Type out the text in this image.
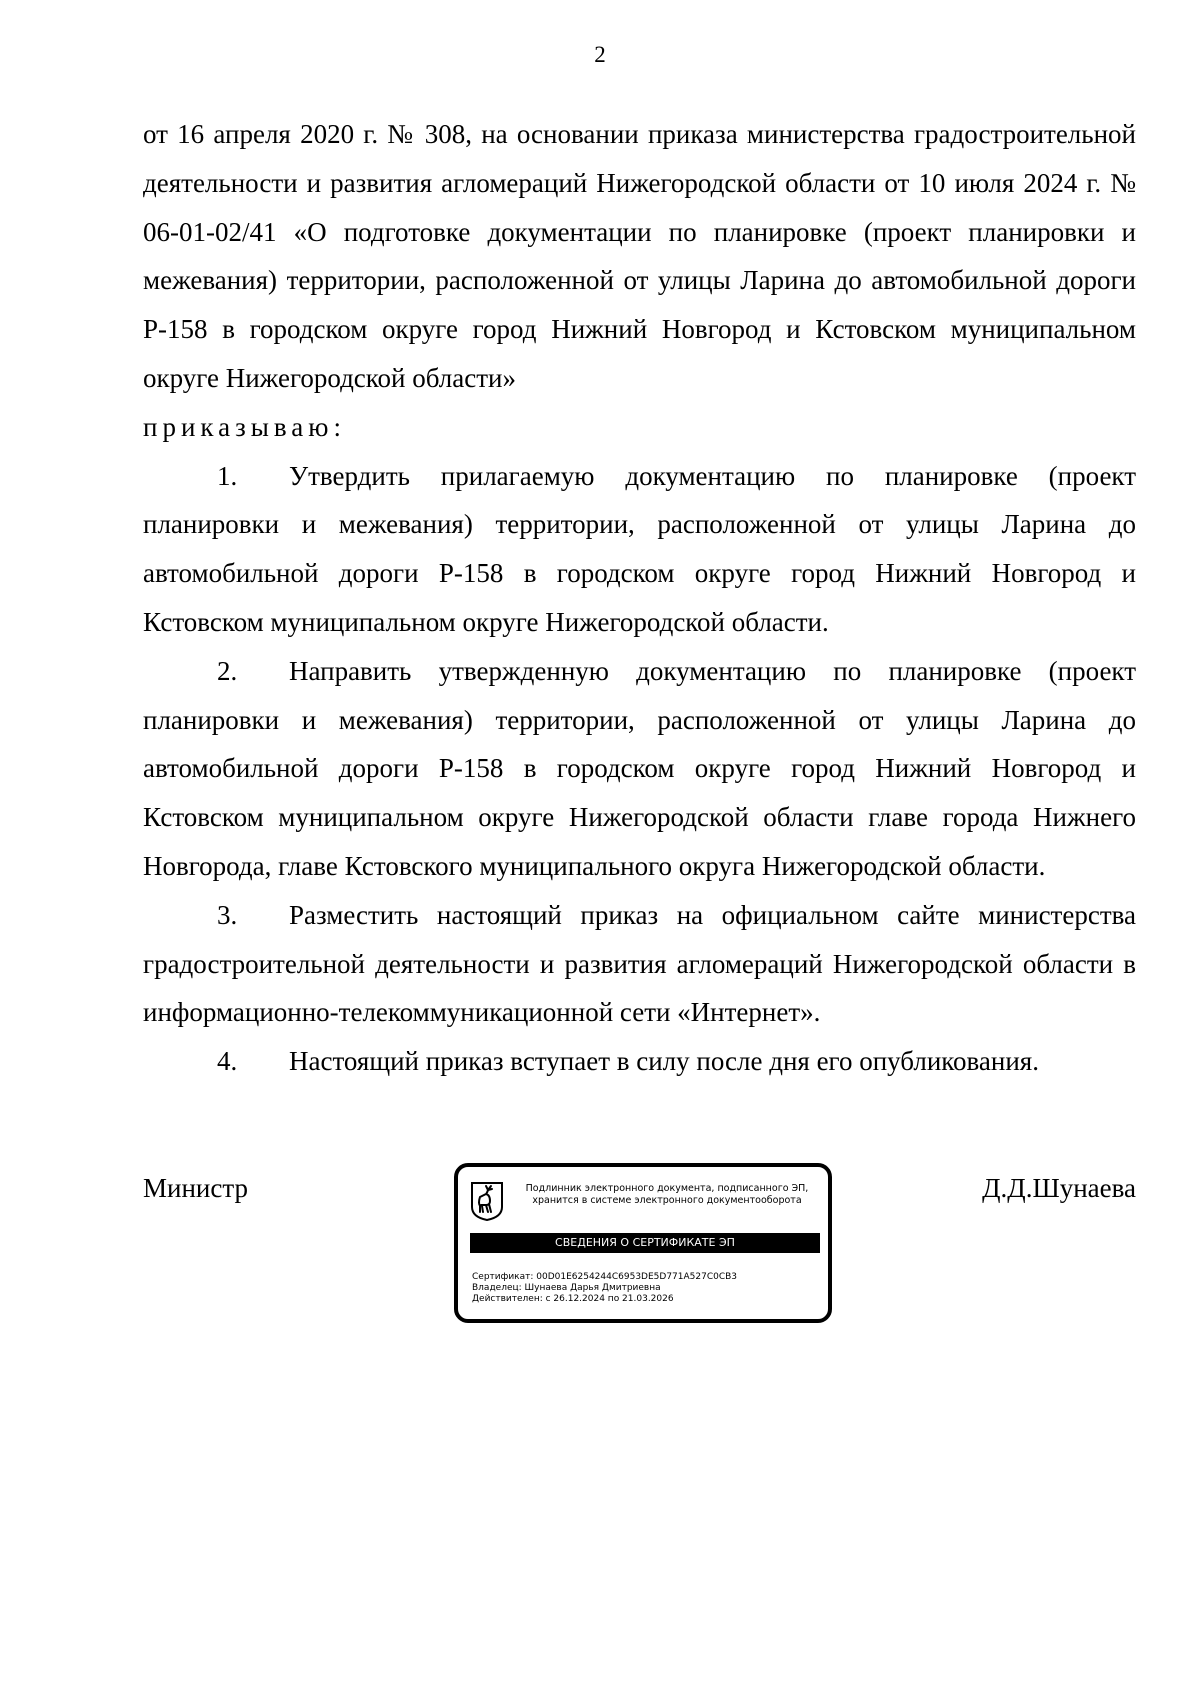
2

от 16 апреля 2020 г. № 308, на основании приказа министерства градостроительной деятельности и развития агломераций Нижегородской области от 10 июля 2024 г. № 06-01-02/41 «О подготовке документации по планировке (проект планировки и межевания) территории, расположенной от улицы Ларина до автомобильной дороги Р-158 в городском округе город Нижний Новгород и Кстовском муниципальном округе Нижегородской области»

приказываю:

1. Утвердить прилагаемую документацию по планировке (проект планировки и межевания) территории, расположенной от улицы Ларина до автомобильной дороги Р-158 в городском округе город Нижний Новгород и Кстовском муниципальном округе Нижегородской области.

2. Направить утвержденную документацию по планировке (проект планировки и межевания) территории, расположенной от улицы Ларина до автомобильной дороги Р-158 в городском округе город Нижний Новгород и Кстовском муниципальном округе Нижегородской области главе города Нижнего Новгорода, главе Кстовского муниципального округа Нижегородской области.

3. Разместить настоящий приказ на официальном сайте министерства градостроительной деятельности и развития агломераций Нижегородской области в информационно-телекоммуникационной сети «Интернет».

4. Настоящий приказ вступает в силу после дня его опубликования.

Министр	Подлинник электронного документа, подписанного ЭП,
хранится в системе электронного документооборота
СВЕДЕНИЯ О СЕРТИФИКАТЕ ЭП
Сертификат: 00D01E6254244C6953DE5D771A527C0CB3
Владелец: Шунаева Дарья Дмитриевна
Действителен: с 26.12.2024 по 21.03.2026
Д.Д.Шунаева
